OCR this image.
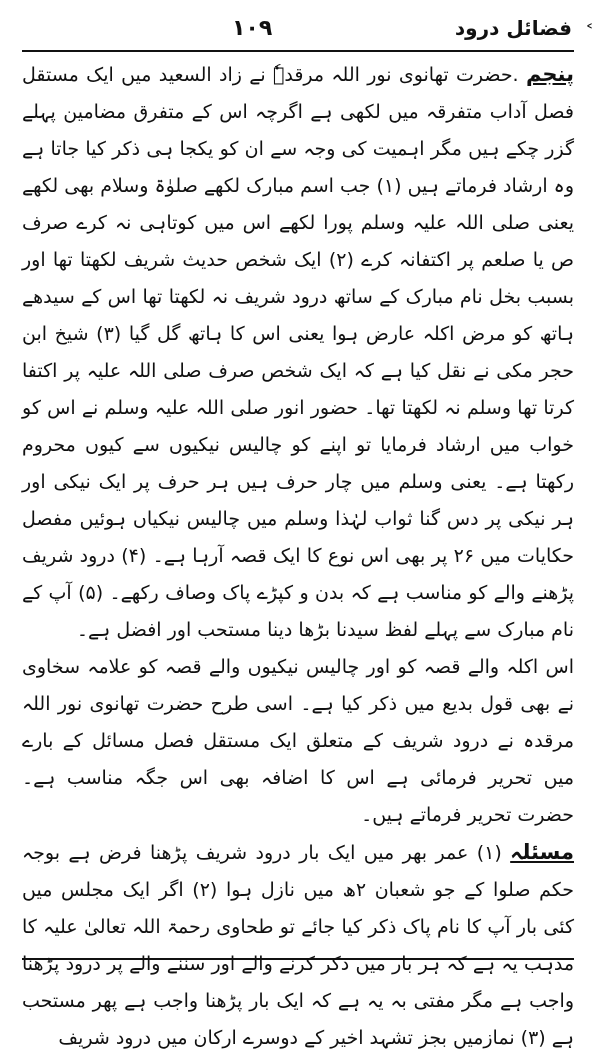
فضائل درود
۱۰۹	˂

پنجم .حضرت تھانوی نور اللہ مرقدہٗ نے زاد السعید میں ایک مستقل فصل آداب متفرقہ میں لکھی ہے اگرچہ اس کے متفرق مضامین پہلے گزر چکے ہیں مگر اہمیت کی وجہ سے ان کو یکجا ہی ذکر کیا جاتا ہے وہ ارشاد فرماتے ہیں (۱) جب اسم مبارک لکھے صلوٰۃ وسلام بھی لکھے یعنی صلی اللہ علیہ وسلم پورا لکھے اس میں کوتاہی نہ کرے صرف ص یا صلعم پر اکتفانہ کرے (۲) ایک شخص حدیث شریف لکھتا تھا اور بسبب بخل نام مبارک کے ساتھ درود شریف نہ لکھتا تھا اس کے سیدھے ہاتھ کو مرض اکلہ عارض ہوا یعنی اس کا ہاتھ گل گیا (۳) شیخ ابن حجر مکی نے نقل کیا ہے کہ ایک شخص صرف صلی اللہ علیہ پر اکتفا کرتا تھا وسلم نہ لکھتا تھا۔ حضور انور صلی اللہ علیہ وسلم نے اس کو خواب میں ارشاد فرمایا تو اپنے کو چالیس نیکیوں سے کیوں محروم رکھتا ہے۔ یعنی وسلم میں چار حرف ہیں ہر حرف پر ایک نیکی اور ہر نیکی پر دس گنا ثواب لہٰذا وسلم میں چالیس نیکیاں ہوئیں مفصل حکایات میں ۲۶ پر بھی اس نوع کا ایک قصہ آرہا ہے۔ (۴) درود شریف پڑھنے والے کو مناسب ہے کہ بدن و کپڑے پاک وصاف رکھے۔ (۵) آپ کے نام مبارک سے پہلے لفظ سیدنا بڑھا دینا مستحب اور افضل ہے۔

اس اکلہ والے قصہ کو اور چالیس نیکیوں والے قصہ کو علامہ سخاوی نے بھی قول بدیع میں ذکر کیا ہے۔ اسی طرح حضرت تھانوی نور اللہ مرقدہ نے درود شریف کے متعلق ایک مستقل فصل مسائل کے بارے میں تحریر فرمائی ہے اس کا اضافہ بھی اس جگہ مناسب ہے۔ حضرت تحریر فرماتے ہیں۔

مسئلہ (۱) عمر بھر میں ایک بار درود شریف پڑھنا فرض ہے بوجہ حکم صلوا کے جو شعبان ۲ھ میں نازل ہوا (۲) اگر ایک مجلس میں کئی بار آپ کا نام پاک ذکر کیا جائے تو طحاوی رحمۃ اللہ تعالیٰ علیہ کا مذہب یہ ہے کہ ہر بار میں ذکر کرنے والے اور سننے والے پر درود پڑھنا واجب ہے مگر مفتی بہ یہ ہے کہ ایک بار پڑھنا واجب ہے پھر مستحب ہے (۳) نمازمیں بجز تشہد اخیر کے دوسرے ارکان میں درود شریف
